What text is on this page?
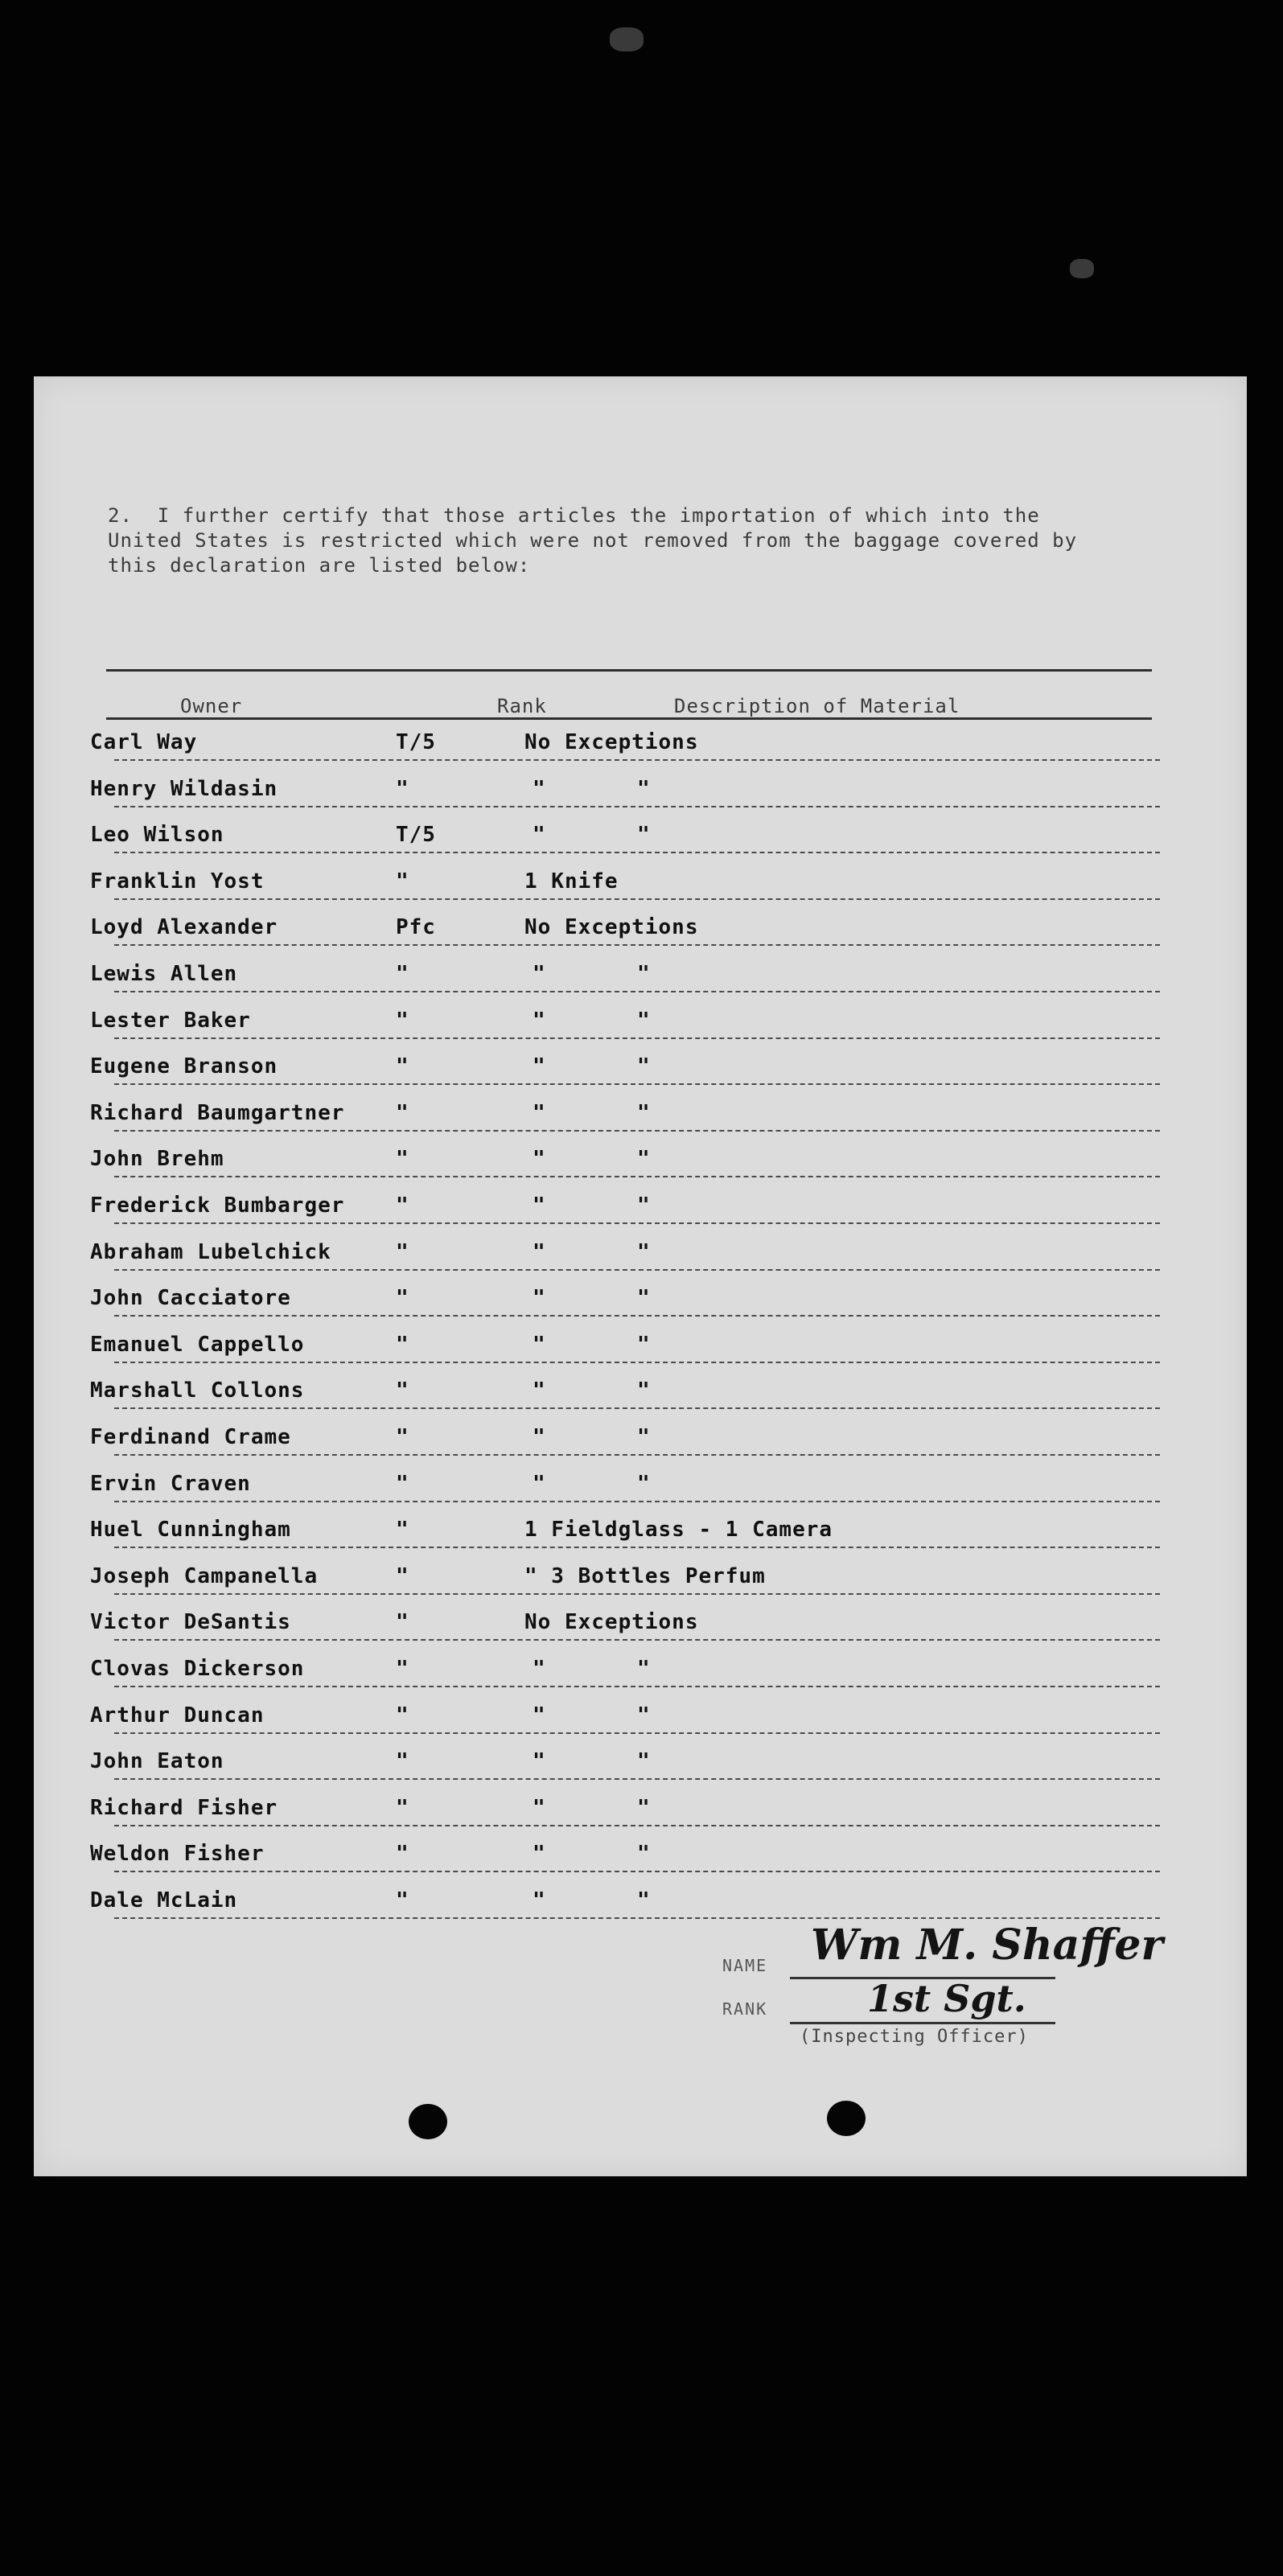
2.  I further certify that those articles the importation of which into the
United States is restricted which were not removed from the baggage covered by
this declaration are listed below:
Owner	Rank	Description of Material
Carl Way	T/5	No Exceptions
Henry Wildasin	"	"	"
Leo Wilson	T/5	"	"
Franklin Yost	"	1 Knife
Loyd Alexander	Pfc	No Exceptions
Lewis Allen	"	"	"
Lester Baker	"	"	"
Eugene Branson	"	"	"
Richard Baumgartner "	"	"
John Brehm	"	"	"
Frederick Bumbarger "	"	"
Abraham Lubelchick	"	"	"
John Cacciatore	"	"	"
Emanuel Cappello	"	"	"
Marshall Collons	"	"	"
Ferdinand Crame	"	"	"
Ervin Craven	"	"	"
Huel Cunningham	"	1 Fieldglass - 1 Camera
Joseph Campanella	"	" 3 Bottles Perfum
Victor DeSantis	"	No Exceptions
Clovas Dickerson	"	"	"
Arthur Duncan	"	"	"
John Eaton	"	"	"
Richard Fisher	"	"	"
Weldon Fisher	"	"	"
Dale McLain	"	"	"
NAME Wm M. Shaffer
RANK	1st Sgt.
(Inspecting Officer)
